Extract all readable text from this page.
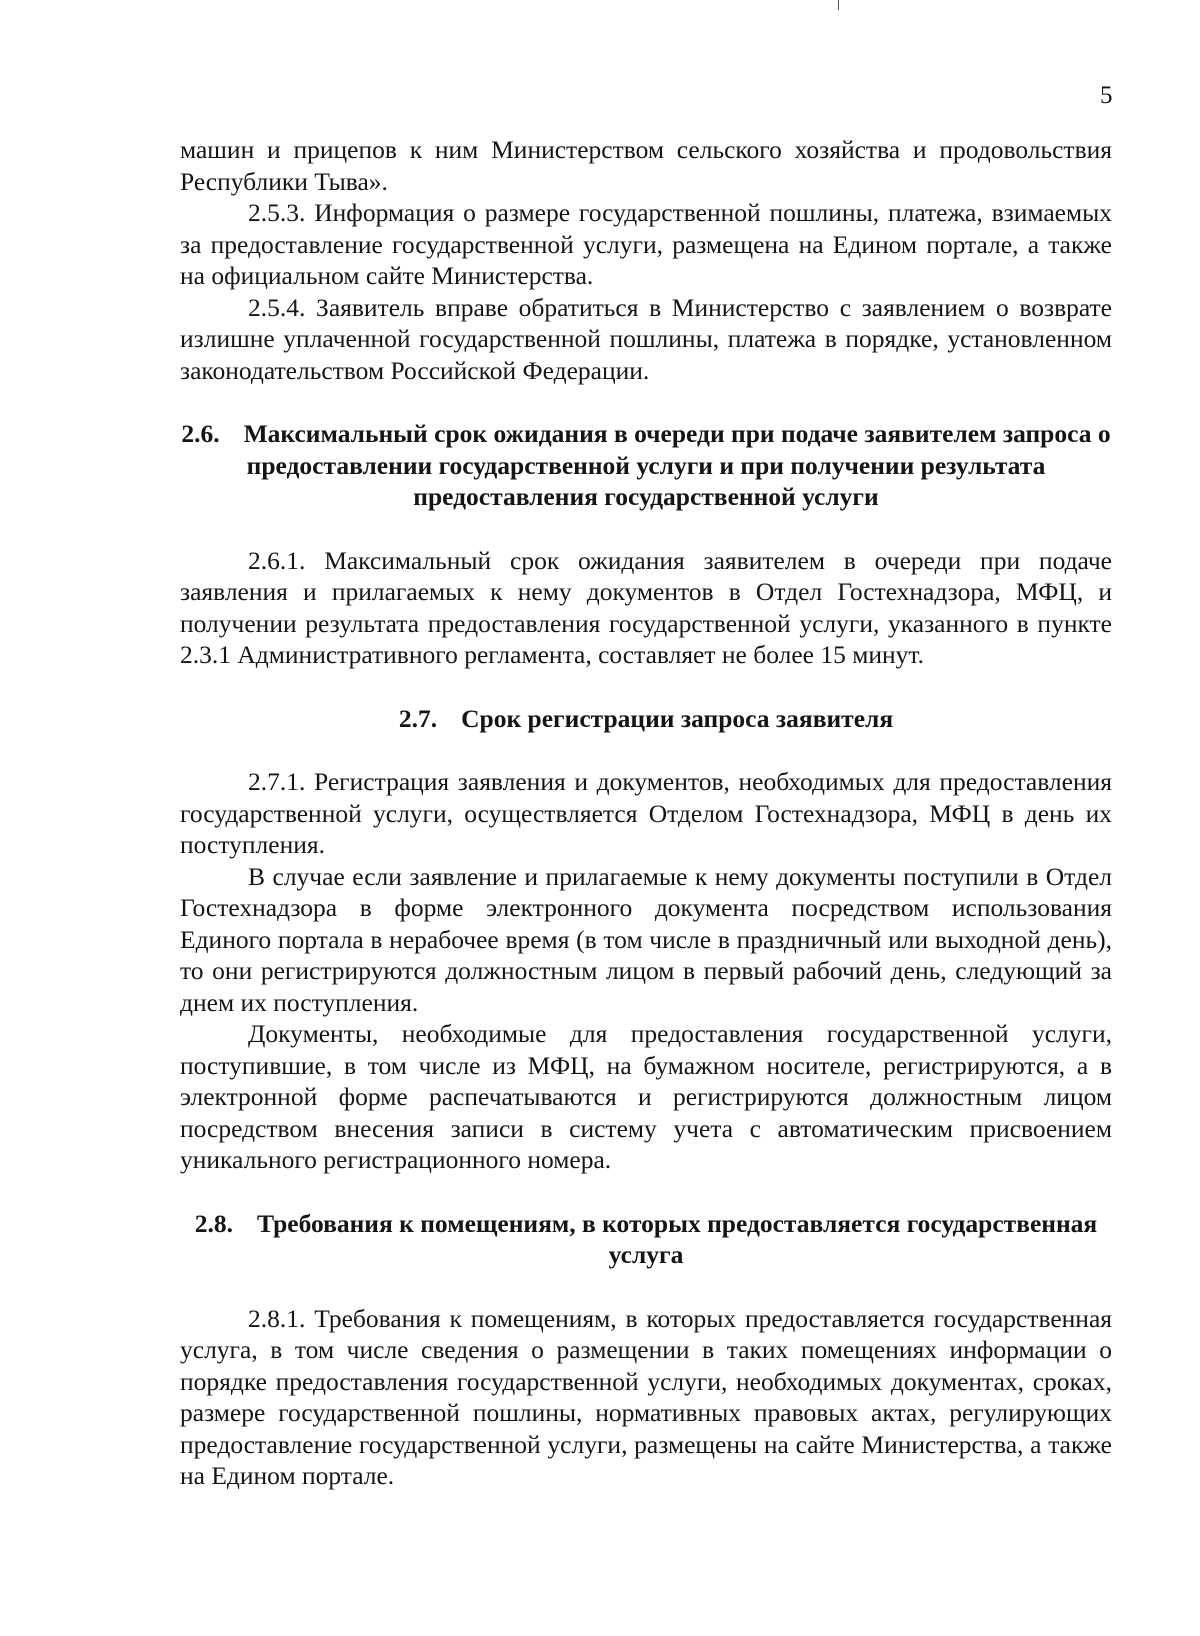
5

машин и прицепов к ним Министерством сельского хозяйства и продовольствия Республики Тыва».

2.5.3. Информация о размере государственной пошлины, платежа, взимаемых за предоставление государственной услуги, размещена на Едином портале, а также на официальном сайте Министерства.

2.5.4. Заявитель вправе обратиться в Министерство с заявлением о возврате излишне уплаченной государственной пошлины, платежа в порядке, установленном законодательством Российской Федерации.

2.6. Максимальный срок ожидания в очереди при подаче заявителем запроса о предоставлении государственной услуги и при получении результата предоставления государственной услуги

2.6.1. Максимальный срок ожидания заявителем в очереди при подаче заявления и прилагаемых к нему документов в Отдел Гостехнадзора, МФЦ, и получении результата предоставления государственной услуги, указанного в пункте 2.3.1 Административного регламента, составляет не более 15 минут.

2.7. Срок регистрации запроса заявителя

2.7.1. Регистрация заявления и документов, необходимых для предоставления государственной услуги, осуществляется Отделом Гостехнадзора, МФЦ в день их поступления.

В случае если заявление и прилагаемые к нему документы поступили в Отдел Гостехнадзора в форме электронного документа посредством использования Единого портала в нерабочее время (в том числе в праздничный или выходной день), то они регистрируются должностным лицом в первый рабочий день, следующий за днем их поступления.

Документы, необходимые для предоставления государственной услуги, поступившие, в том числе из МФЦ, на бумажном носителе, регистрируются, а в электронной форме распечатываются и регистрируются должностным лицом посредством внесения записи в систему учета с автоматическим присвоением уникального регистрационного номера.

2.8. Требования к помещениям, в которых предоставляется государственная услуга

2.8.1. Требования к помещениям, в которых предоставляется государственная услуга, в том числе сведения о размещении в таких помещениях информации о порядке предоставления государственной услуги, необходимых документах, сроках, размере государственной пошлины, нормативных правовых актах, регулирующих предоставление государственной услуги, размещены на сайте Министерства, а также на Едином портале.
